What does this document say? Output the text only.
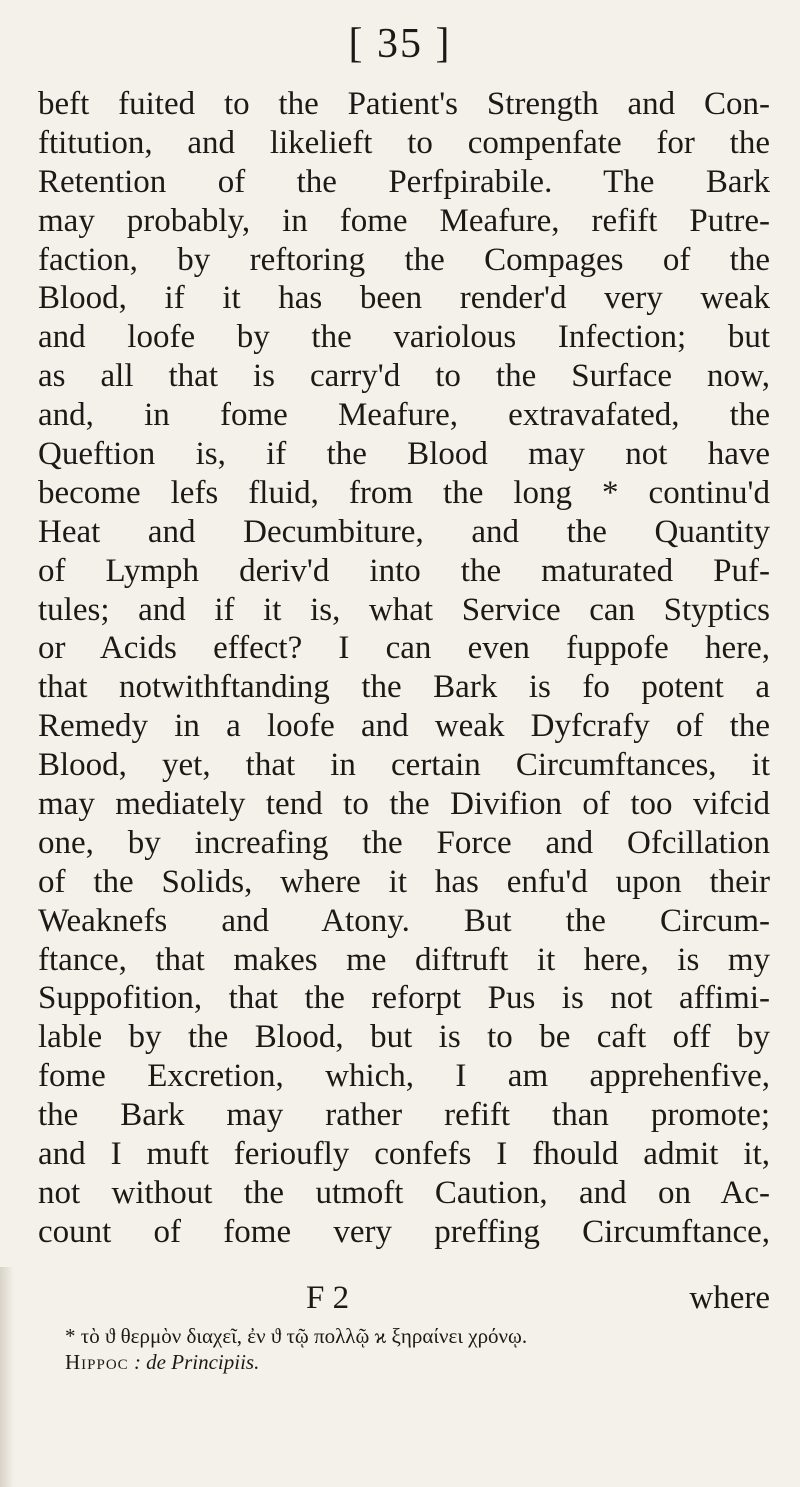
[ 35 ]
beft fuited to the Patient's Strength and Con-
ftitution, and likelieft to compenfate for the
Retention of the Perfpirabile. The Bark
may probably, in fome Meafure, refift Putre-
faction, by reftoring the Compages of the
Blood, if it has been render'd very weak
and loofe by the variolous Infection; but
as all that is carry'd to the Surface now,
and, in fome Meafure, extravafated, the
Queftion is, if the Blood may not have
become lefs fluid, from the long * continu'd
Heat and Decumbiture, and the Quantity
of Lymph deriv'd into the maturated Puf-
tules; and if it is, what Service can Styptics
or Acids effect? I can even fuppofe here,
that notwithftanding the Bark is fo potent a
Remedy in a loofe and weak Dyfcrafy of the
Blood, yet, that in certain Circumftances, it
may mediately tend to the Divifion of too vifcid
one, by increafing the Force and Ofcillation
of the Solids, where it has enfu'd upon their
Weaknefs and Atony. But the Circum-
ftance, that makes me diftruft it here, is my
Suppofition, that the reforpt Pus is not affimi-
lable by the Blood, but is to be caft off by
fome Excretion, which, I am apprehenfive,
the Bark may rather refift than promote;
and I muft ferioufly confefs I fhould admit it,
not without the utmoft Caution, and on Ac-
count of fome very preffing Circumftance,
F 2	where
* τὸ ϑ θερμὸν διαχεῖ, ἐν ϑ τῷ πολλῷ ϰ ξηραίνει χρόνῳ.
Hippoc : de Principiis.
